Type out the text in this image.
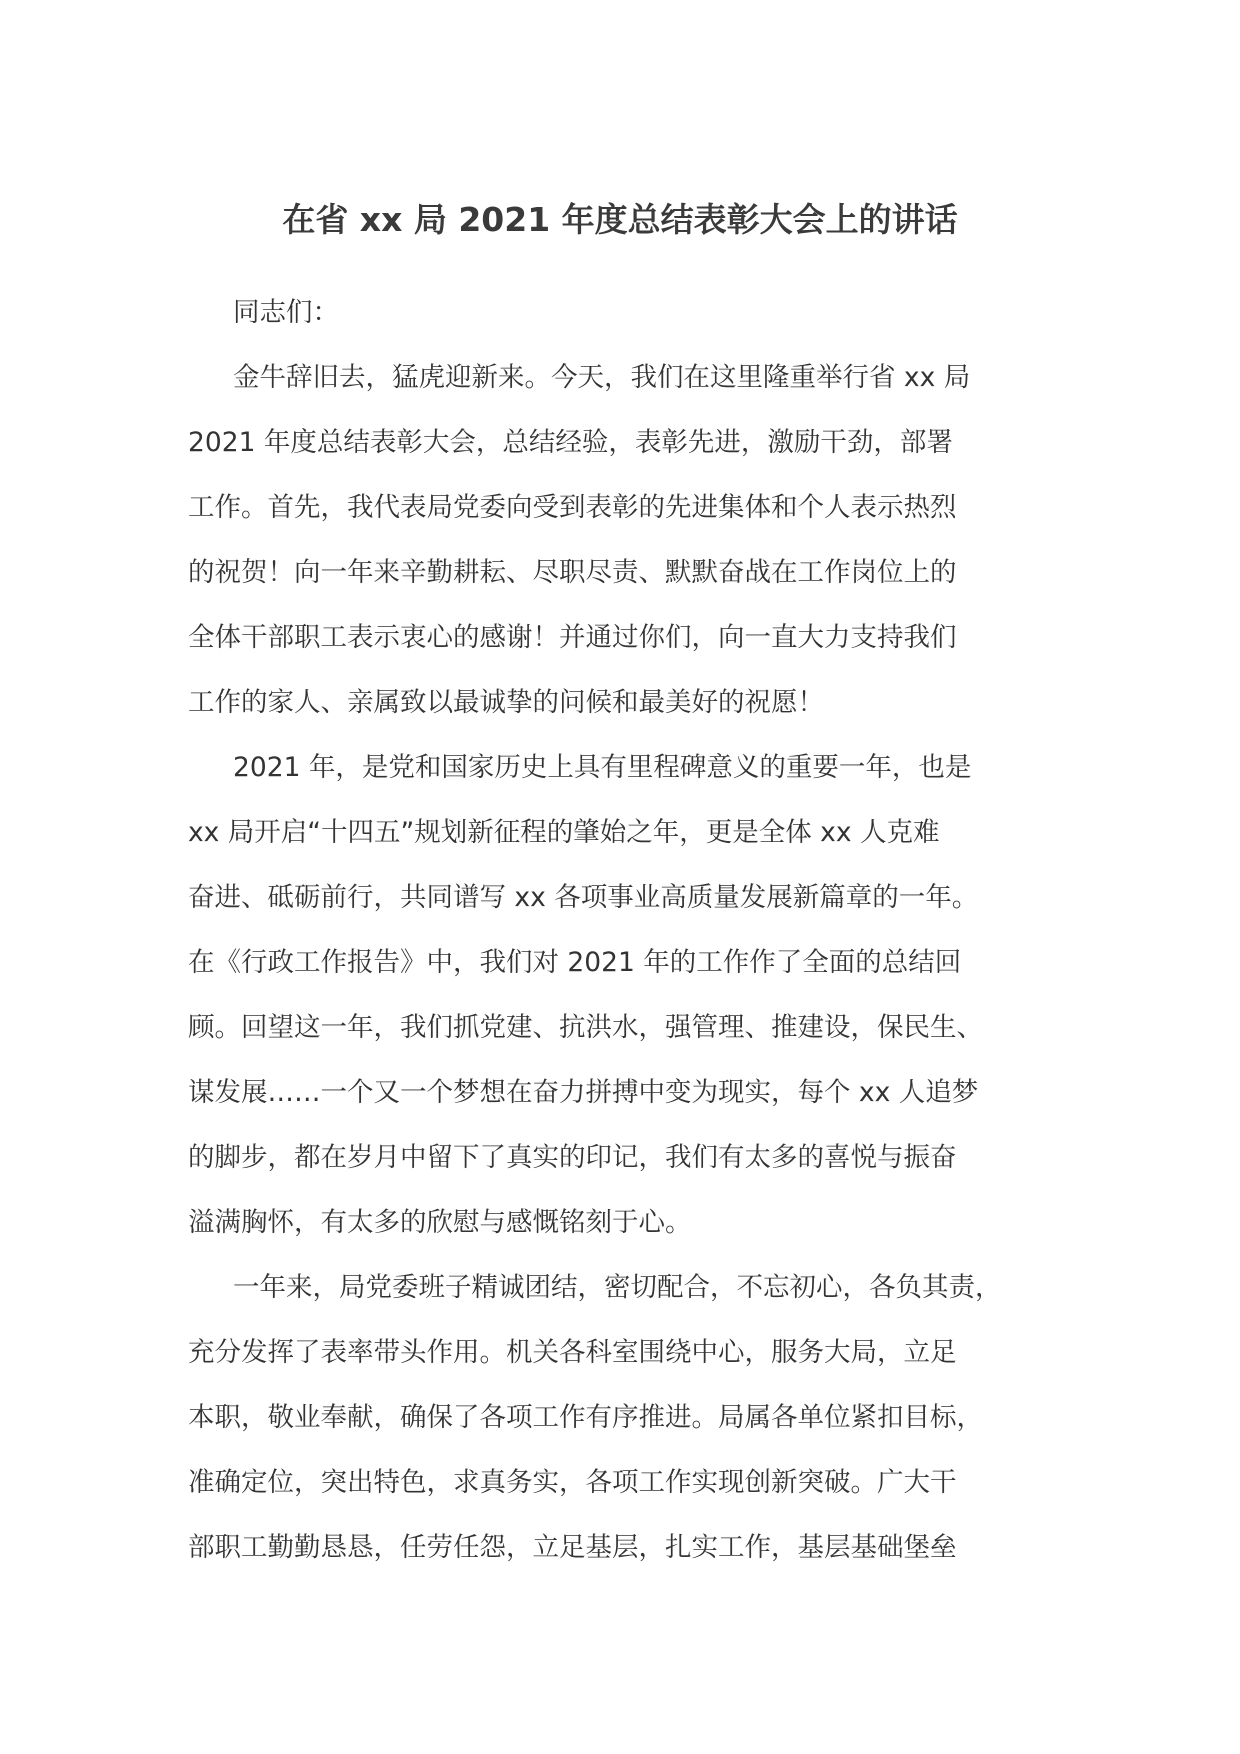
在省 xx 局 2021 年度总结表彰大会上的讲话
同志们：
金牛辞旧去，猛虎迎新来。今天，我们在这里隆重举行省 xx 局
2021 年度总结表彰大会，总结经验，表彰先进，激励干劲，部署
工作。首先，我代表局党委向受到表彰的先进集体和个人表示热烈
的祝贺！向一年来辛勤耕耘、尽职尽责、默默奋战在工作岗位上的
全体干部职工表示衷心的感谢！并通过你们，向一直大力支持我们
工作的家人、亲属致以最诚挚的问候和最美好的祝愿！
2021 年，是党和国家历史上具有里程碑意义的重要一年，也是
xx 局开启“十四五”规划新征程的肇始之年，更是全体 xx 人克难
奋进、砥砺前行，共同谱写 xx 各项事业高质量发展新篇章的一年。
在《行政工作报告》中，我们对 2021 年的工作作了全面的总结回
顾。回望这一年，我们抓党建、抗洪水，强管理、推建设，保民生、
谋发展……一个又一个梦想在奋力拼搏中变为现实，每个 xx 人追梦
的脚步，都在岁月中留下了真实的印记，我们有太多的喜悦与振奋
溢满胸怀，有太多的欣慰与感慨铭刻于心。
一年来，局党委班子精诚团结，密切配合，不忘初心，各负其责，
充分发挥了表率带头作用。机关各科室围绕中心，服务大局，立足
本职，敬业奉献，确保了各项工作有序推进。局属各单位紧扣目标，
准确定位，突出特色，求真务实，各项工作实现创新突破。广大干
部职工勤勤恳恳，任劳任怨，立足基层，扎实工作，基层基础堡垒
